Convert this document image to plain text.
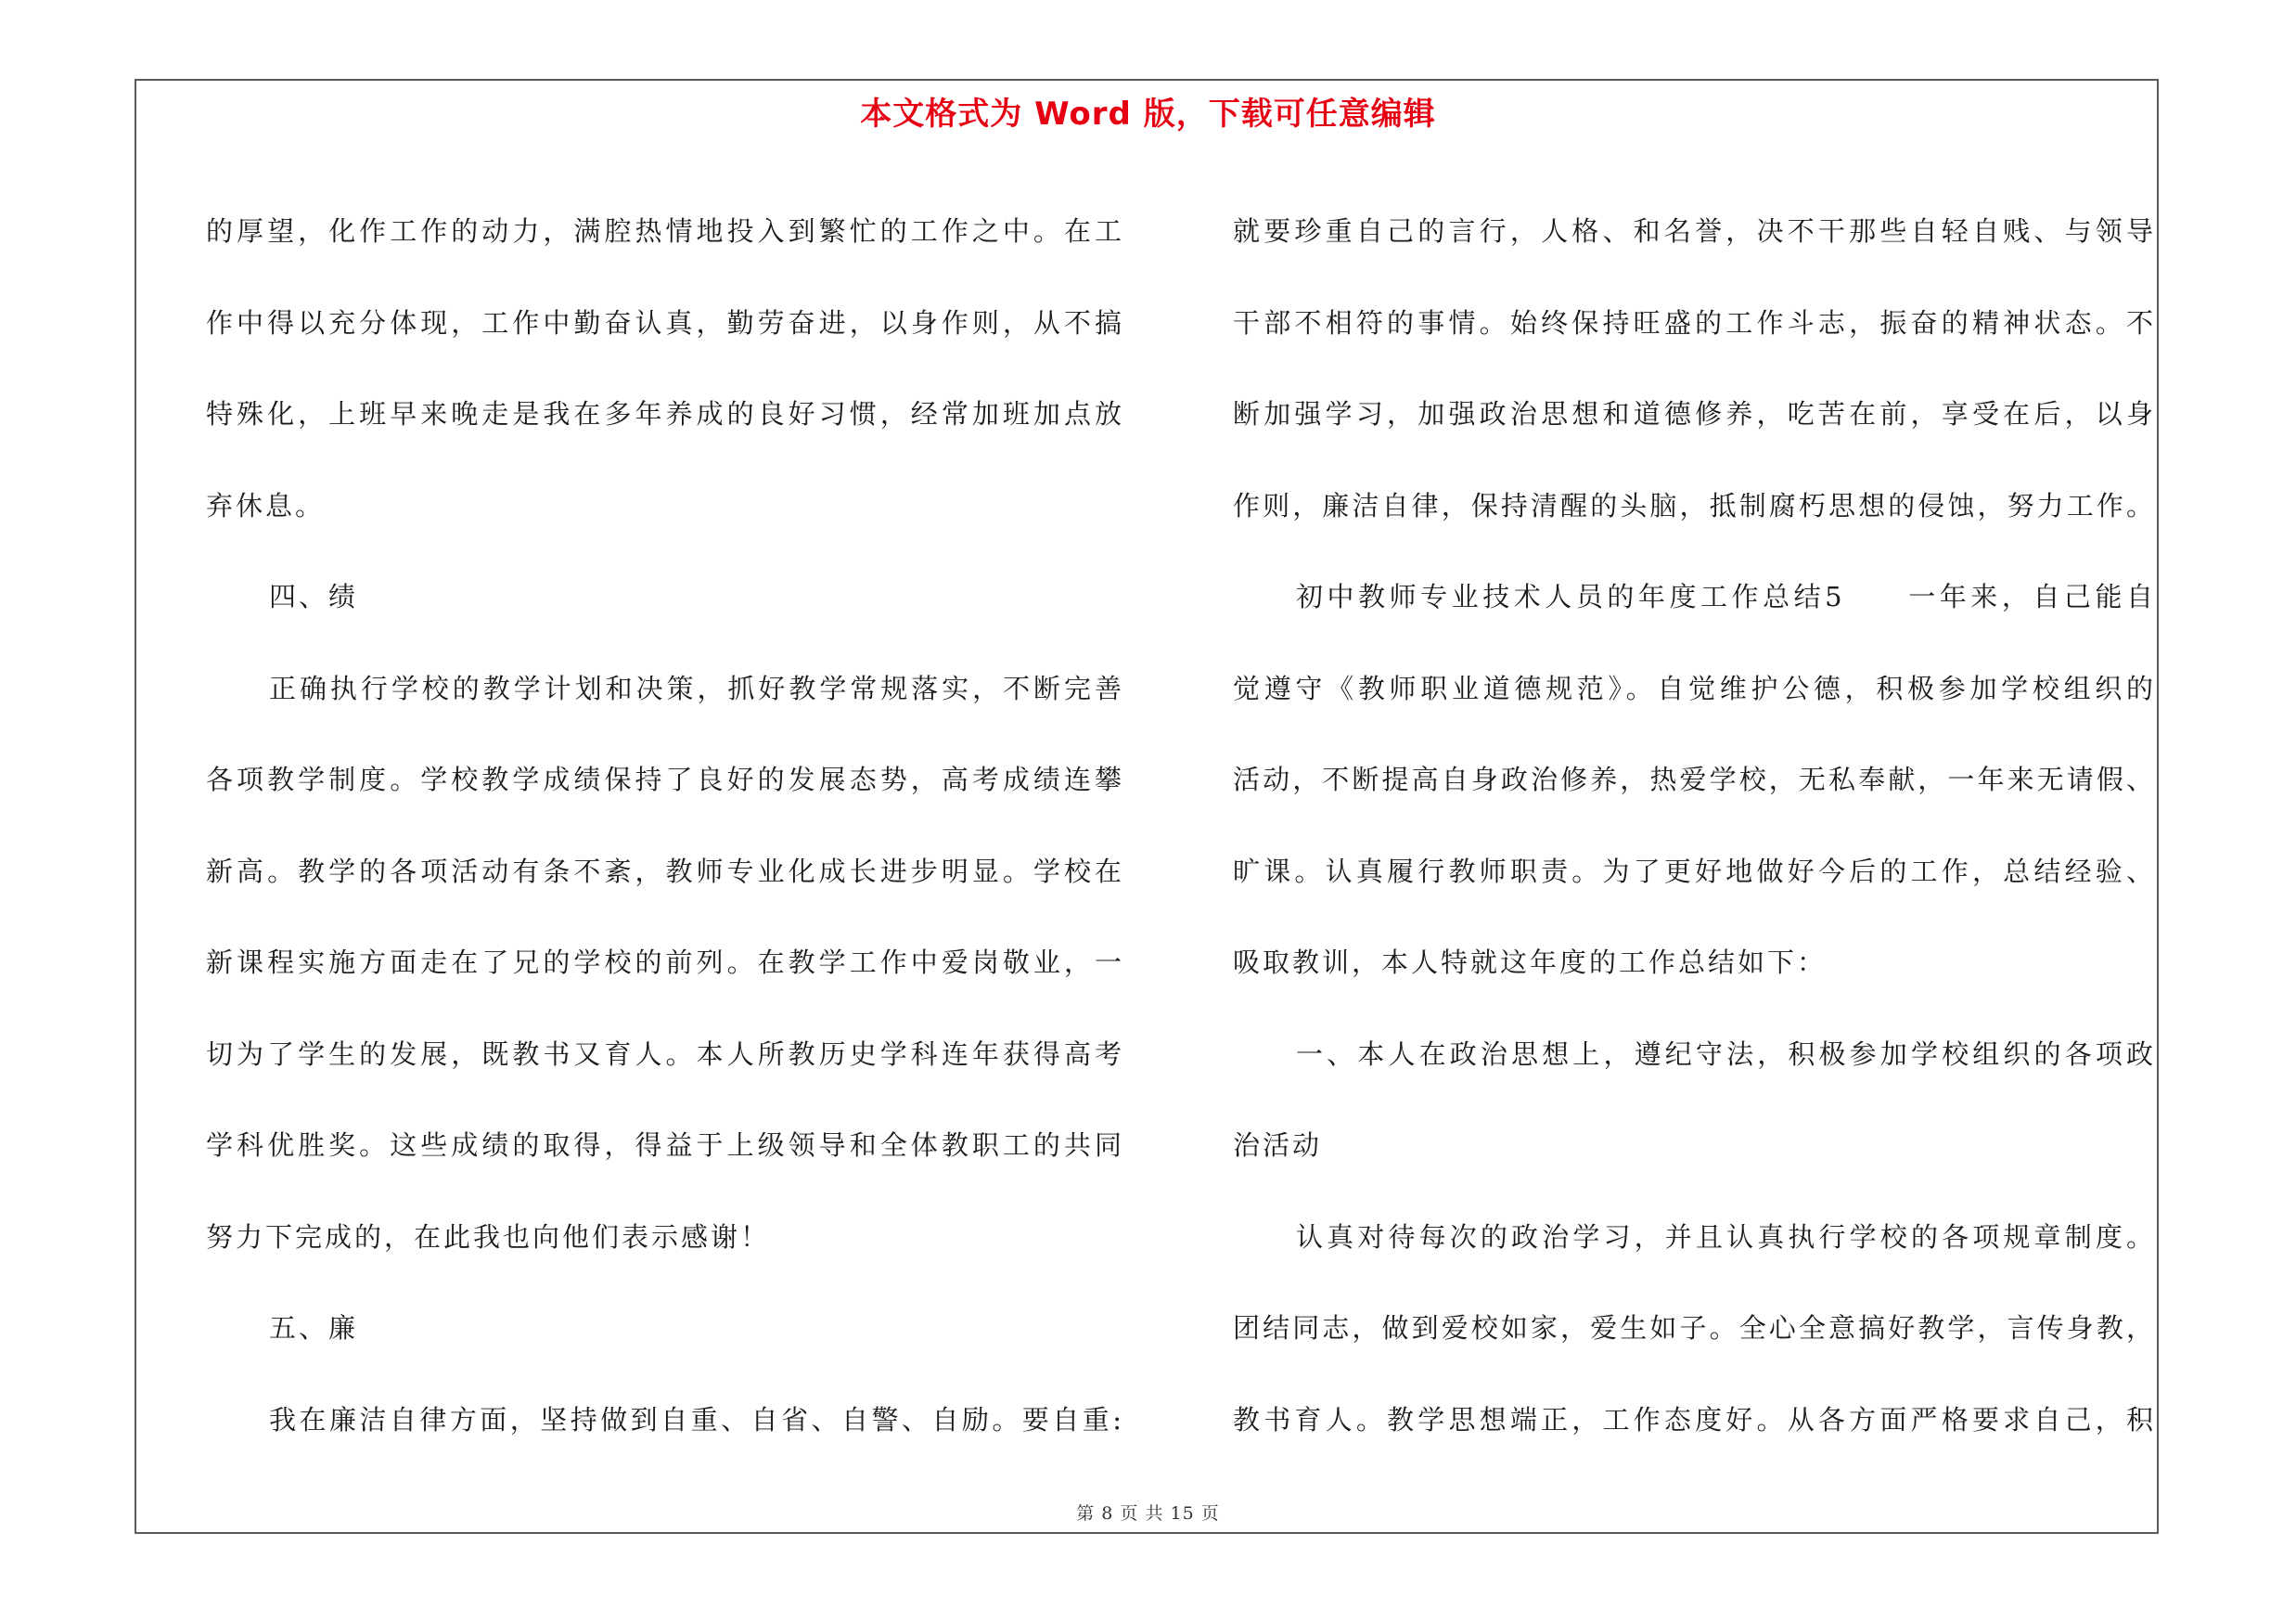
本文格式为 Word 版，下载可任意编辑
的厚望，化作工作的动力，满腔热情地投入到繁忙的工作之中。在工
作中得以充分体现，工作中勤奋认真，勤劳奋进，以身作则，从不搞
特殊化，上班早来晚走是我在多年养成的良好习惯，经常加班加点放
弃休息。
四、绩
正确执行学校的教学计划和决策，抓好教学常规落实，不断完善
各项教学制度。学校教学成绩保持了良好的发展态势，高考成绩连攀
新高。教学的各项活动有条不紊，教师专业化成长进步明显。学校在
新课程实施方面走在了兄的学校的前列。在教学工作中爱岗敬业，一
切为了学生的发展，既教书又育人。本人所教历史学科连年获得高考
学科优胜奖。这些成绩的取得，得益于上级领导和全体教职工的共同
努力下完成的，在此我也向他们表示感谢！
五、廉
我在廉洁自律方面，坚持做到自重、自省、自警、自励。要自重:
就要珍重自己的言行，人格、和名誉，决不干那些自轻自贱、与领导
干部不相符的事情。始终保持旺盛的工作斗志，振奋的精神状态。不
断加强学习，加强政治思想和道德修养，吃苦在前，享受在后，以身
作则，廉洁自律，保持清醒的头脑，抵制腐朽思想的侵蚀，努力工作。
初中教师专业技术人员的年度工作总结5　　一年来，自己能自
觉遵守《教师职业道德规范》。自觉维护公德，积极参加学校组织的
活动，不断提高自身政治修养，热爱学校，无私奉献，一年来无请假、
旷课。认真履行教师职责。为了更好地做好今后的工作，总结经验、
吸取教训，本人特就这年度的工作总结如下：
一、本人在政治思想上，遵纪守法，积极参加学校组织的各项政
治活动
认真对待每次的政治学习，并且认真执行学校的各项规章制度。
团结同志，做到爱校如家，爱生如子。全心全意搞好教学，言传身教，
教书育人。教学思想端正，工作态度好。从各方面严格要求自己，积
第 8 页 共 15 页
